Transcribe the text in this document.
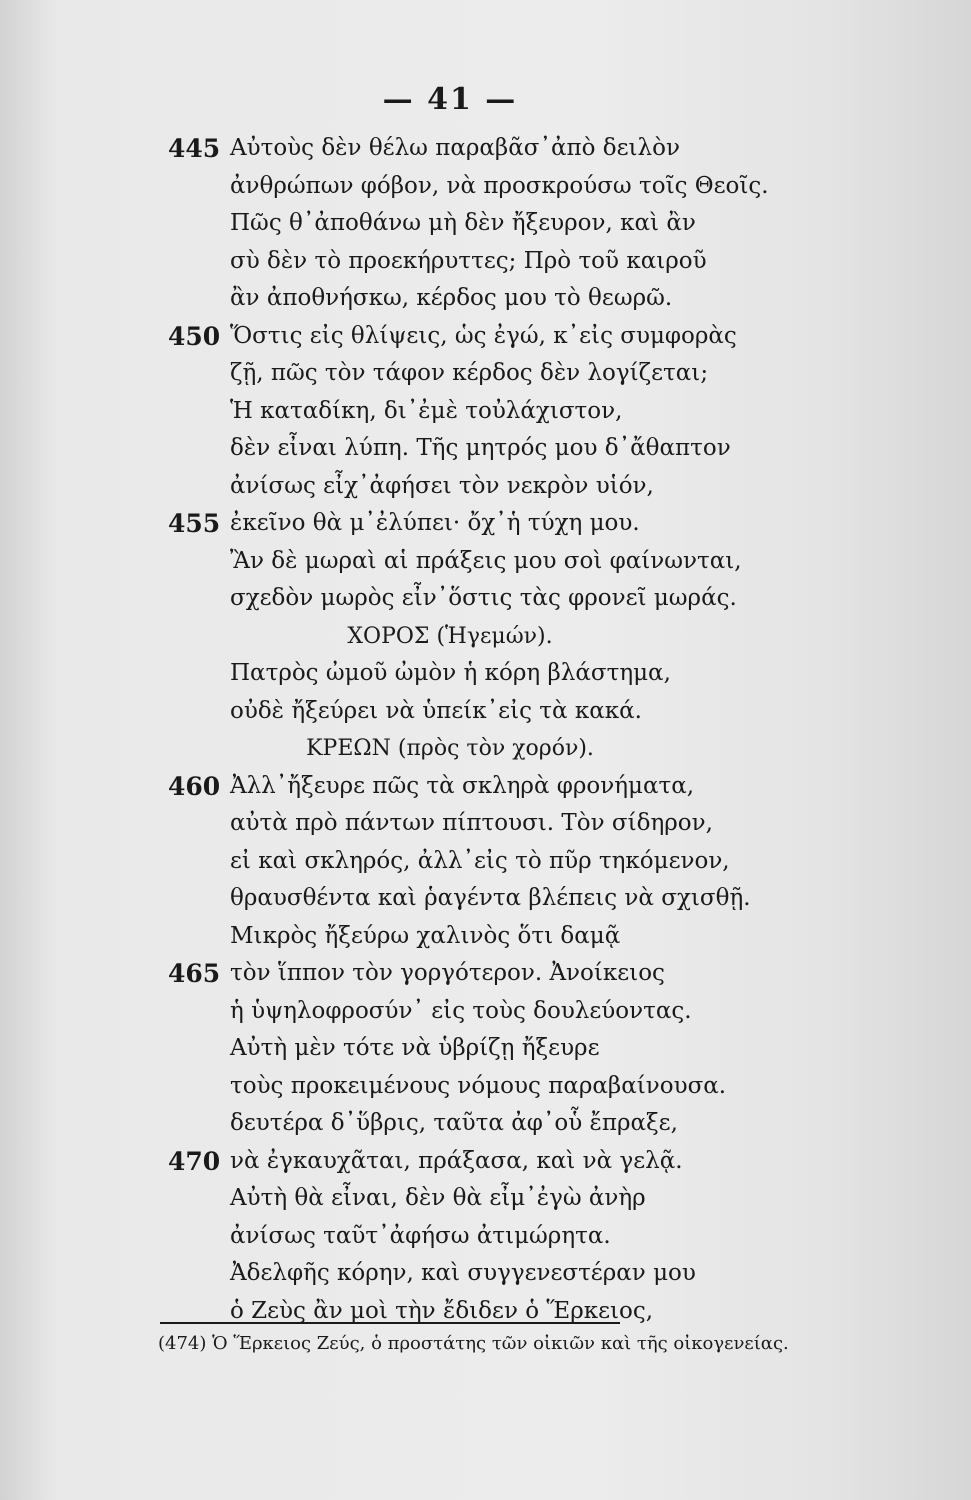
— 41 —
445 Αὐτοὺς δὲν θέλω παραβᾶσ᾽ἀπὸ δειλὸν
ἀνθρώπων φόβον, νὰ προσκρούσω τοῖς Θεοῖς.
Πῶς θ᾽ἀποθάνω μὴ δὲν ἤξευρον, καὶ ἂν
σὺ δὲν τὸ προεκήρυττες; Πρὸ τοῦ καιροῦ
ἂν ἀποθνήσκω, κέρδος μου τὸ θεωρῶ.
450 Ὅστις εἰς θλίψεις, ὡς ἐγώ, κ᾽εἰς συμφορὰς
ζῇ, πῶς τὸν τάφον κέρδος δὲν λογίζεται;
Ἡ καταδίκη, δι᾽ἐμὲ τοὐλάχιστον,
δὲν εἶναι λύπη. Τῆς μητρός μου δ᾽ἄθαπτον
ἀνίσως εἶχ᾽ἀφήσει τὸν νεκρὸν υἱόν,
455 ἐκεῖνο θὰ μ᾽ἐλύπει· ὄχ᾽ἡ τύχη μου.
Ἂν δὲ μωραὶ αἱ πράξεις μου σοὶ φαίνωνται,
σχεδὸν μωρὸς εἶν᾽ὅστις τὰς φρονεῖ μωράς.
ΧΟΡΟΣ (Ἡγεμών).
Πατρὸς ὠμοῦ ὠμὸν ἡ κόρη βλάστημα,
οὐδὲ ἤξεύρει νὰ ὑπείκ᾽εἰς τὰ κακά.
ΚΡΕΩΝ (πρὸς τὸν χορόν).
460 Ἀλλ᾽ἤξευρε πῶς τὰ σκληρὰ φρονήματα,
αὐτὰ πρὸ πάντων πίπτουσι. Τὸν σίδηρον,
εἰ καὶ σκληρός, ἀλλ᾽εἰς τὸ πῦρ τηκόμενον,
θραυσθέντα καὶ ῥαγέντα βλέπεις νὰ σχισθῇ.
Μικρὸς ἤξεύρω χαλινὸς ὅτι δαμᾷ
465 τὸν ἵππον τὸν γοργότερον. Ἀνοίκειος
ἡ ὑψηλοφροσύν᾽ εἰς τοὺς δουλεύοντας.
Αὐτὴ μὲν τότε νὰ ὑβρίζῃ ἤξευρε
τοὺς προκειμένους νόμους παραβαίνουσα.
δευτέρα δ᾽ὕβρις, ταῦτα ἀφ᾽οὗ ἔπραξε,
470 νὰ ἐγκαυχᾶται, πράξασα, καὶ νὰ γελᾷ.
Αὐτὴ θὰ εἶναι, δὲν θὰ εἶμ᾽ἐγὼ ἀνὴρ
ἀνίσως ταῦτ᾽ἀφήσω ἀτιμώρητα.
Ἀδελφῆς κόρην, καὶ συγγενεστέραν μου
ὁ Ζεὺς ἂν μοὶ τὴν ἔδιδεν ὁ Ἕρκειος,
(474) Ὁ Ἕρκειος Ζεύς, ὁ προστάτης τῶν οἰκιῶν καὶ τῆς οἰκογενείας.
